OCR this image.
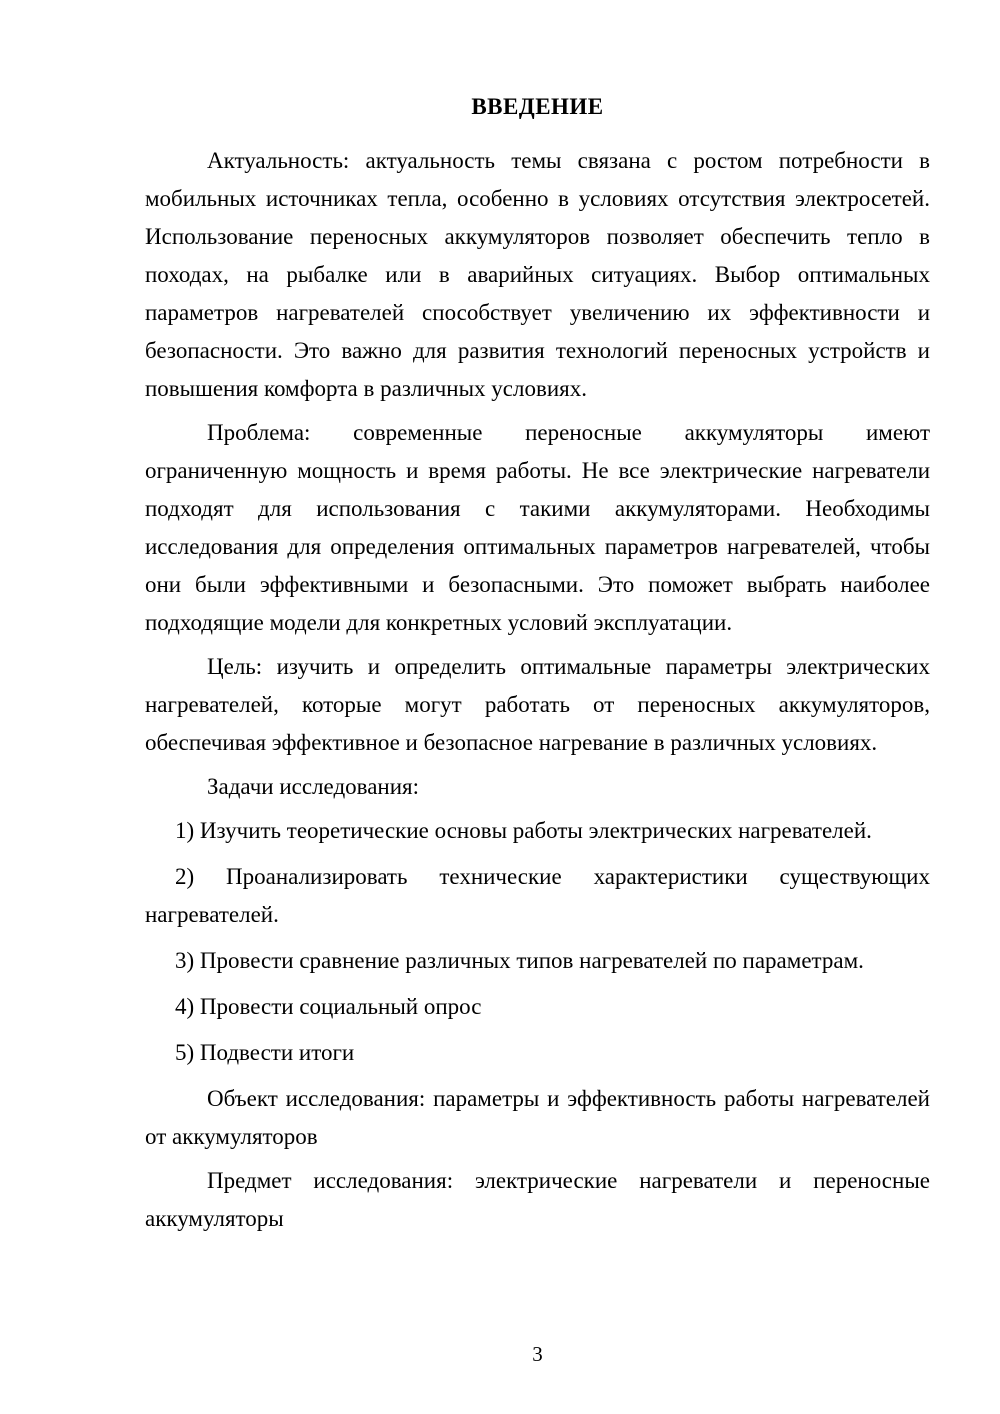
ВВЕДЕНИЕ

Актуальность: актуальность темы связана с ростом потребности в мобильных источниках тепла, особенно в условиях отсутствия электросетей. Использование переносных аккумуляторов позволяет обеспечить тепло в походах, на рыбалке или в аварийных ситуациях. Выбор оптимальных параметров нагревателей способствует увеличению их эффективности и безопасности. Это важно для развития технологий переносных устройств и повышения комфорта в различных условиях.

Проблема: современные переносные аккумуляторы имеют ограниченную мощность и время работы. Не все электрические нагреватели подходят для использования с такими аккумуляторами. Необходимы исследования для определения оптимальных параметров нагревателей, чтобы они были эффективными и безопасными. Это поможет выбрать наиболее подходящие модели для конкретных условий эксплуатации.

Цель: изучить и определить оптимальные параметры электрических нагревателей, которые могут работать от переносных аккумуляторов, обеспечивая эффективное и безопасное нагревание в различных условиях.

Задачи исследования:

1) Изучить теоретические основы работы электрических нагревателей.

2) Проанализировать технические характеристики существующих нагревателей.

3) Провести сравнение различных типов нагревателей по параметрам.

4) Провести социальный опрос

5) Подвести итоги

Объект исследования: параметры и эффективность работы нагревателей от аккумуляторов

Предмет исследования: электрические нагреватели и переносные аккумуляторы

3
